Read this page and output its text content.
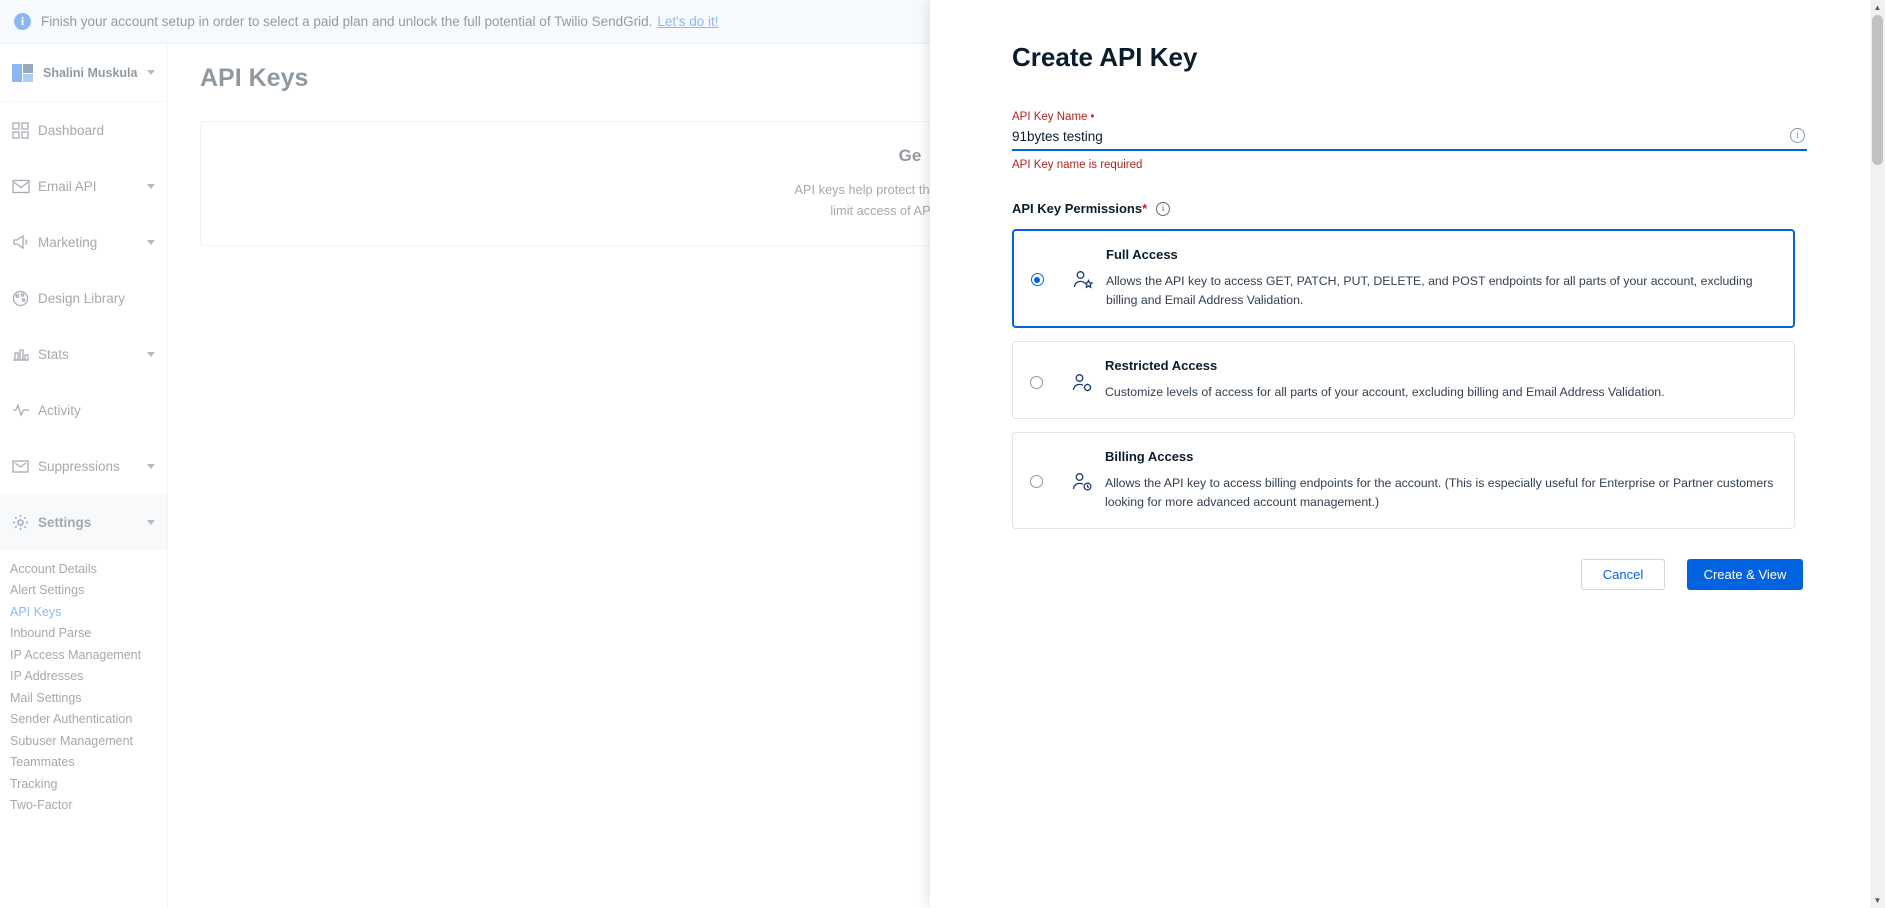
Create API Key
API Key Name •
91bytes testing
i
API Key name is required
API Key Permissions*	i
Full Access
Allows the API key to access GET, PATCH, PUT, DELETE, and POST endpoints for all parts of your account, excluding billing and Email Address Validation.
Restricted Access
Customize levels of access for all parts of your account, excluding billing and Email Address Validation.
Billing Access
Allows the API key to access billing endpoints for the account. (This is especially useful for Enterprise or Partner customers looking for more advanced account management.)
Cancel	Create & View
▲
▼
